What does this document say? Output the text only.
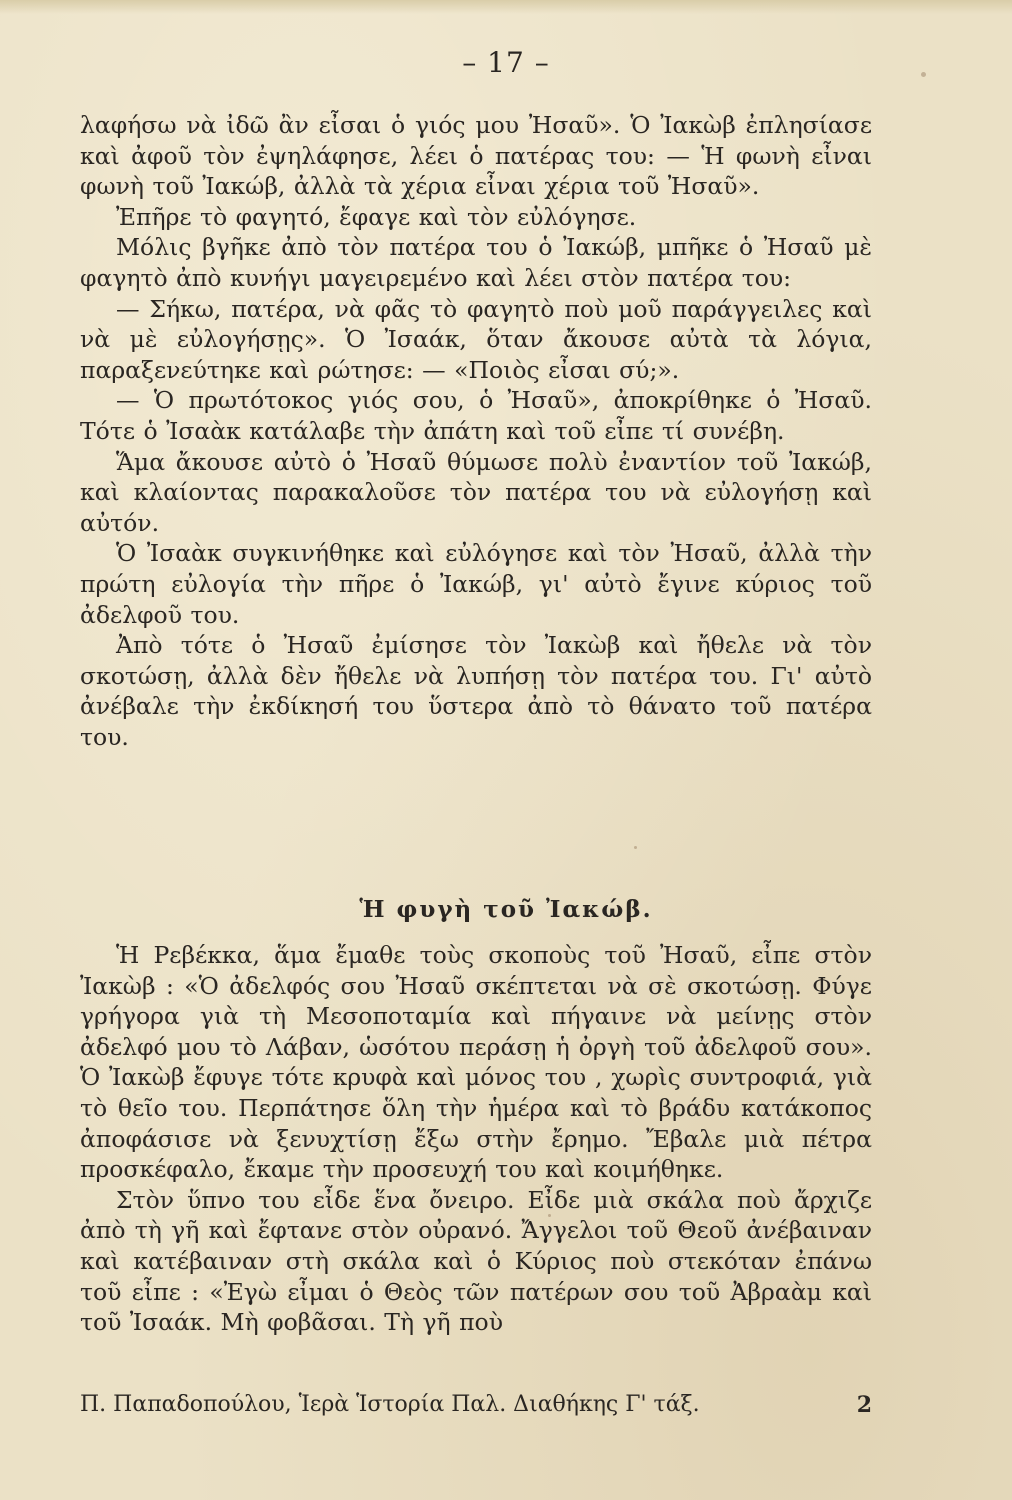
– 17 –

λαφήσω νὰ ἰδῶ ἂν εἶσαι ὁ γιός μου Ἠσαῦ». Ὁ Ἰακὼβ ἐπλησίασε καὶ ἀφοῦ τὸν ἐψηλάφησε, λέει ὁ πατέρας του: — Ἡ φωνὴ εἶναι φωνὴ τοῦ Ἰακώβ, ἀλλὰ τὰ χέρια εἶναι χέρια τοῦ Ἠσαῦ».

Ἐπῆρε τὸ φαγητό, ἔφαγε καὶ τὸν εὐλόγησε.

Μόλις βγῆκε ἀπὸ τὸν πατέρα του ὁ Ἰακώβ, μπῆκε ὁ Ἠσαῦ μὲ φαγητὸ ἀπὸ κυνήγι μαγειρεμένο καὶ λέει στὸν πατέρα του:

— Σήκω, πατέρα, νὰ φᾶς τὸ φαγητὸ ποὺ μοῦ παράγγειλες καὶ νὰ μὲ εὐλογήσῃς». Ὁ Ἰσαάκ, ὅταν ἄκουσε αὐτὰ τὰ λόγια, παραξενεύτηκε καὶ ρώτησε: — «Ποιὸς εἶσαι σύ;».

— Ὁ πρωτότοκος γιός σου, ὁ Ἠσαῦ», ἀποκρίθηκε ὁ Ἠσαῦ. Τότε ὁ Ἰσαὰκ κατάλαβε τὴν ἀπάτη καὶ τοῦ εἶπε τί συνέβη.

Ἅμα ἄκουσε αὐτὸ ὁ Ἠσαῦ θύμωσε πολὺ ἐναντίον τοῦ Ἰακώβ, καὶ κλαίοντας παρακαλοῦσε τὸν πατέρα του νὰ εὐλογήσῃ καὶ αὐτόν.

Ὁ Ἰσαὰκ συγκινήθηκε καὶ εὐλόγησε καὶ τὸν Ἠσαῦ, ἀλλὰ τὴν πρώτη εὐλογία τὴν πῆρε ὁ Ἰακώβ, γι' αὐτὸ ἔγινε κύριος τοῦ ἀδελφοῦ του.

Ἀπὸ τότε ὁ Ἠσαῦ ἐμίσησε τὸν Ἰακὼβ καὶ ἤθελε νὰ τὸν σκοτώσῃ, ἀλλὰ δὲν ἤθελε νὰ λυπήσῃ τὸν πατέρα του. Γι' αὐτὸ ἀνέβαλε τὴν ἐκδίκησή του ὕστερα ἀπὸ τὸ θάνατο τοῦ πατέρα του.

Ἡ φυγὴ τοῦ Ἰακώβ.

Ἡ Ρεβέκκα, ἅμα ἔμαθε τοὺς σκοποὺς τοῦ Ἠσαῦ, εἶπε στὸν Ἰακὼβ : «Ὁ ἀδελφός σου Ἠσαῦ σκέπτεται νὰ σὲ σκοτώσῃ. Φύγε γρήγορα γιὰ τὴ Μεσοποταμία καὶ πήγαινε νὰ μείνῃς στὸν ἀδελφό μου τὸ Λάβαν, ὡσότου περάσῃ ἡ ὀργὴ τοῦ ἀδελφοῦ σου». Ὁ Ἰακὼβ ἔφυγε τότε κρυφὰ καὶ μόνος του , χωρὶς συντροφιά, γιὰ τὸ θεῖο του. Περπάτησε ὅλη τὴν ἡμέρα καὶ τὸ βράδυ κατάκοπος ἀποφάσισε νὰ ξενυχτίσῃ ἔξω στὴν ἔρημο. Ἔβαλε μιὰ πέτρα προσκέφαλο, ἔκαμε τὴν προσευχή του καὶ κοιμήθηκε.

Στὸν ὕπνο του εἶδε ἕνα ὄνειρο. Εἶδε μιὰ σκάλα ποὺ ἄρχιζε ἀπὸ τὴ γῆ καὶ ἔφτανε στὸν οὐρανό. Ἄγγελοι τοῦ Θεοῦ ἀνέβαιναν καὶ κατέβαιναν στὴ σκάλα καὶ ὁ Κύριος ποὺ στεκόταν ἐπάνω τοῦ εἶπε : «Ἐγὼ εἶμαι ὁ Θεὸς τῶν πατέρων σου τοῦ Ἀβραὰμ καὶ τοῦ Ἰσαάκ. Μὴ φοβᾶσαι. Τὴ γῆ ποὺ

Π. Παπαδοπούλου, Ἱερὰ Ἱστορία Παλ. Διαθήκης Γ' τάξ.	2
